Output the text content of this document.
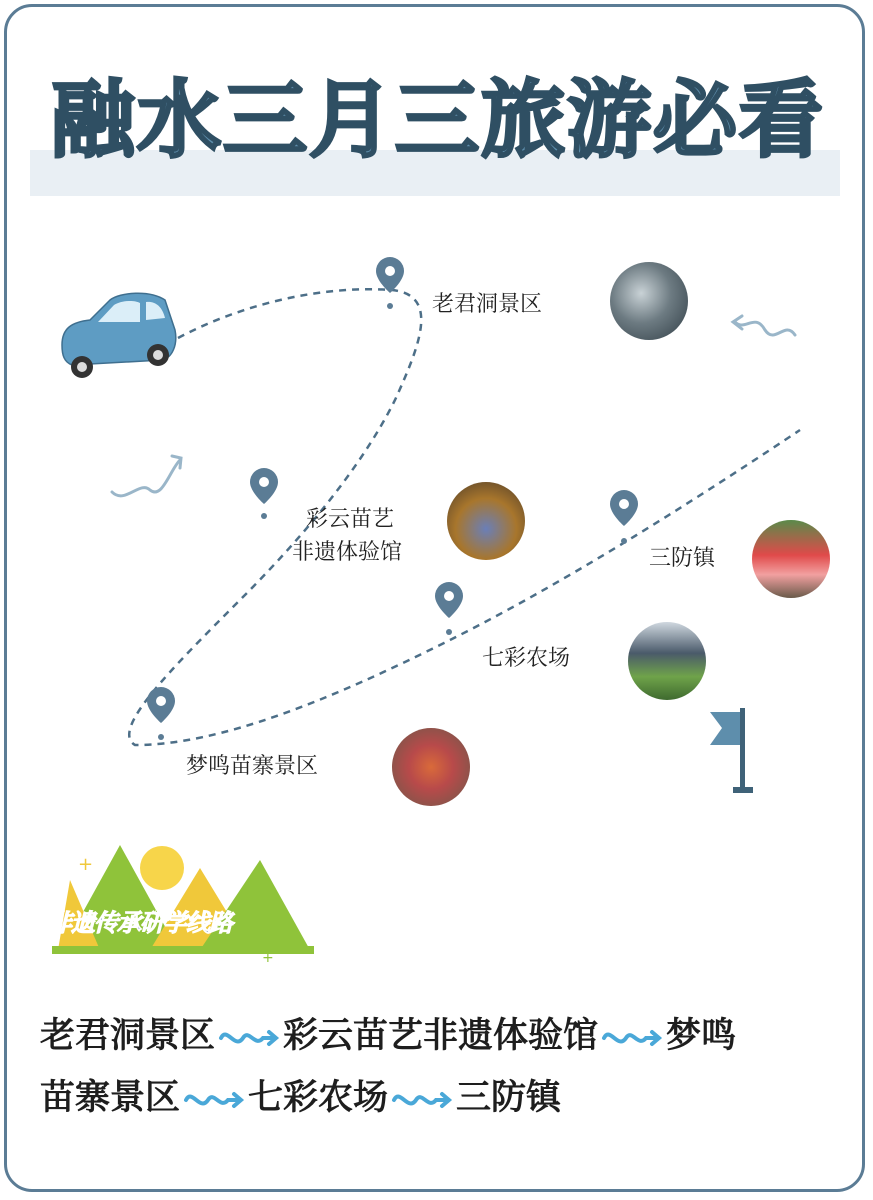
融水三月三旅游必看
+
+
老君洞景区
彩云苗艺
非遗体验馆	三防镇
七彩农场
梦鸣苗寨景区
非遗传承研学线路
老君洞景区 彩云苗艺非遗体验馆 梦鸣
苗寨景区 七彩农场 三防镇
